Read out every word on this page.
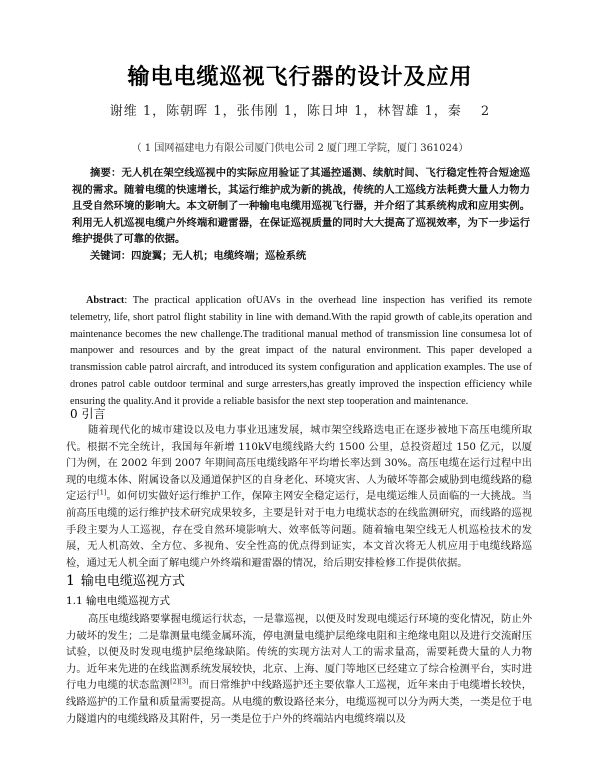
输电电缆巡视飞行器的设计及应用
谢维 1，陈朝晖 1，张伟刚 1，陈日坤 1，林智雄 1，秦　 2
（ 1 国网福建电力有限公司厦门供电公司 2 厦门理工学院，厦门 361024）
摘要：无人机在架空线巡视中的实际应用验证了其遥控遥测、续航时间、飞行稳定性符合短途巡视的需求。随着电缆的快速增长，其运行维护成为新的挑战，传统的人工巡线方法耗费大量人力物力且受自然环境的影响大。本文研制了一种输电电缆用巡视飞行器，并介绍了其系统构成和应用实例。利用无人机巡视电缆户外终端和避雷器，在保证巡视质量的同时大大提高了巡视效率，为下一步运行维护提供了可靠的依据。
关键词：四旋翼；无人机；电缆终端；巡检系统
Abstract: The practical application ofUAVs in the overhead line inspection has verified its remote telemetry, life, short patrol flight stability in line with demand.With the rapid growth of cable,its operation and maintenance becomes the new challenge.The traditional manual method of transmission line consumesa lot of manpower and resources and by the great impact of the natural environment. This paper developed a transmission cable patrol aircraft, and introduced its system configuration and application examples. The use of drones patrol cable outdoor terminal and surge arresters,has greatly improved the inspection efficiency while ensuring the quality.And it provide a reliable basisfor the next step tooperation and maintenance.
0 引言
随着现代化的城市建设以及电力事业迅速发展，城市架空线路迭电正在逐步被地下高压电缆所取代。根据不完全统计，我国每年新增 110kV电缆线路大约 1500 公里，总投资超过 150 亿元，以厦门为例，在 2002 年到 2007 年期间高压电缆线路年平均增长率达到 30%。高压电缆在运行过程中出现的电缆本体、附属设备以及通道保护区的自身老化、环境灾害、人为破坏等都会威胁到电缆线路的稳定运行[1]。如何切实做好运行维护工作，保障主网安全稳定运行，是电缆运维人员面临的一大挑战。当前高压电缆的运行维护技术研究成果较多，主要是针对于电力电缆状态的在线监测研究，而线路的巡视手段主要为人工巡视，存在受自然环境影响大、效率低等问题。随着输电架空线无人机巡检技术的发展，无人机高效、全方位、多视角、安全性高的优点得到证实，本文首次将无人机应用于电缆线路巡检，通过无人机全面了解电缆户外终端和避雷器的情况，给后期安排检修工作提供依据。
1 输电电缆巡视方式
1.1 输电电缆巡视方式
高压电缆线路要掌握电缆运行状态，一是靠巡视，以便及时发现电缆运行环境的变化情况，防止外力破坏的发生；二是靠测量电缆金属环流，停电测量电缆护层绝缘电阻和主绝缘电阻以及进行交流耐压试验，以便及时发现电缆护层绝缘缺陷。传统的实现方法对人工的需求量高，需要耗费大量的人力物力。近年来先进的在线监测系统发展较快，北京、上海、厦门等地区已经建立了综合检测平台，实时进行电力电缆的状态监测[2][3]。而日常维护中线路巡护还主要依靠人工巡视，近年来由于电缆增长较快，线路巡护的工作量和质量需要提高。从电缆的敷设路径来分，电缆巡视可以分为两大类，一类是位于电力隧道内的电缆线路及其附件，另一类是位于户外的终端站内电缆终端以及
